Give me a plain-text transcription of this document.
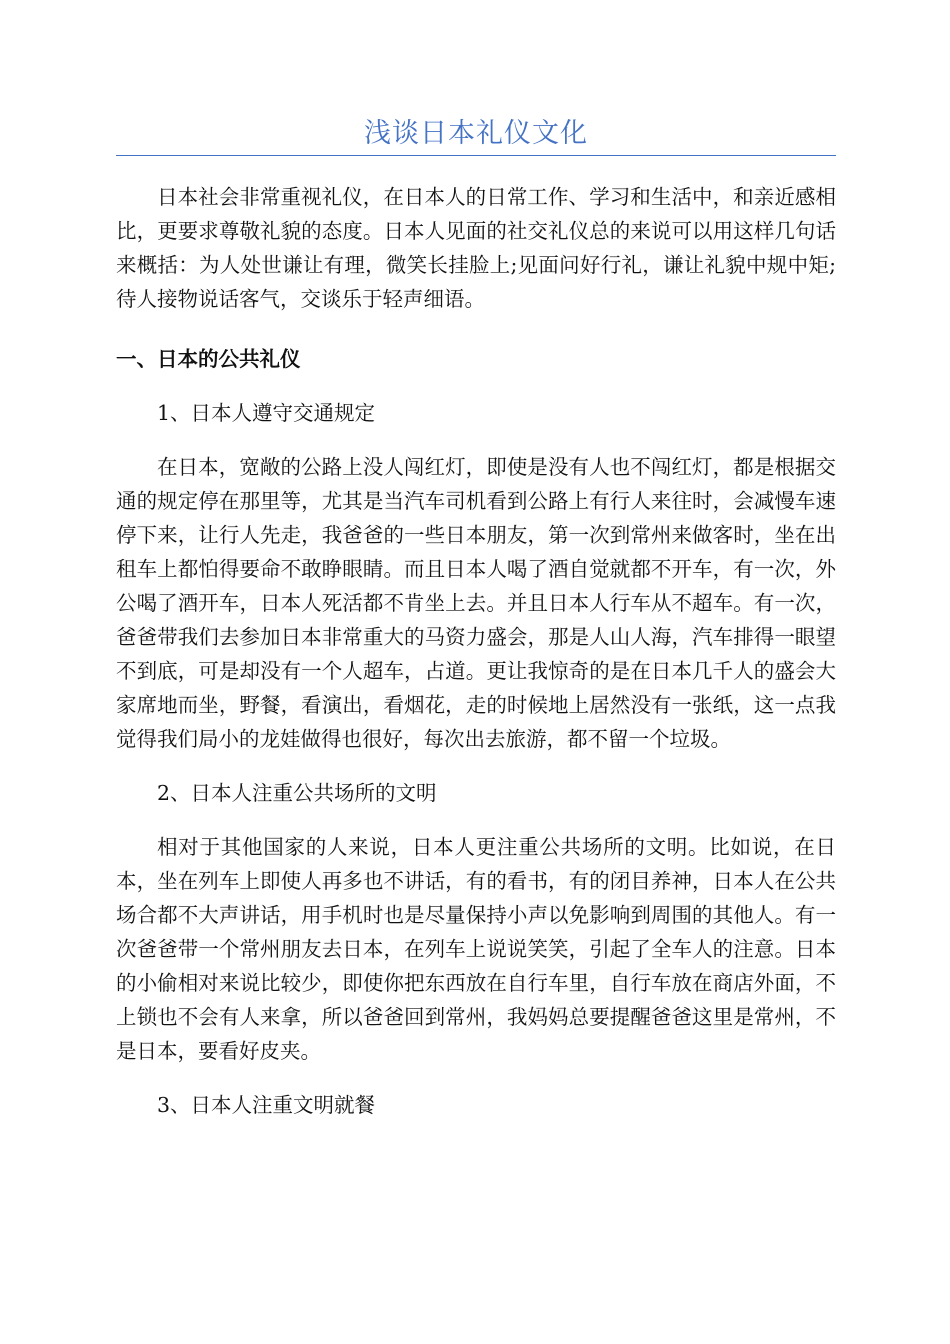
浅谈日本礼仪文化

日本社会非常重视礼仪，在日本人的日常工作、学习和生活中，和亲近感相比，更要求尊敬礼貌的态度。日本人见面的社交礼仪总的来说可以用这样几句话来概括：为人处世谦让有理，微笑长挂脸上;见面问好行礼，谦让礼貌中规中矩;待人接物说话客气，交谈乐于轻声细语。

一、日本的公共礼仪

1、日本人遵守交通规定

在日本，宽敞的公路上没人闯红灯，即使是没有人也不闯红灯，都是根据交通的规定停在那里等，尤其是当汽车司机看到公路上有行人来往时，会减慢车速停下来，让行人先走，我爸爸的一些日本朋友，第一次到常州来做客时，坐在出租车上都怕得要命不敢睁眼睛。而且日本人喝了酒自觉就都不开车，有一次，外公喝了酒开车，日本人死活都不肯坐上去。并且日本人行车从不超车。有一次，爸爸带我们去参加日本非常重大的马资力盛会，那是人山人海，汽车排得一眼望不到底，可是却没有一个人超车，占道。更让我惊奇的是在日本几千人的盛会大家席地而坐，野餐，看演出，看烟花，走的时候地上居然没有一张纸，这一点我觉得我们局小的龙娃做得也很好，每次出去旅游，都不留一个垃圾。

2、日本人注重公共场所的文明

相对于其他国家的人来说，日本人更注重公共场所的文明。比如说，在日本，坐在列车上即使人再多也不讲话，有的看书，有的闭目养神，日本人在公共场合都不大声讲话，用手机时也是尽量保持小声以免影响到周围的其他人。有一次爸爸带一个常州朋友去日本，在列车上说说笑笑，引起了全车人的注意。日本的小偷相对来说比较少，即使你把东西放在自行车里，自行车放在商店外面，不上锁也不会有人来拿，所以爸爸回到常州，我妈妈总要提醒爸爸这里是常州，不是日本，要看好皮夹。

3、日本人注重文明就餐
